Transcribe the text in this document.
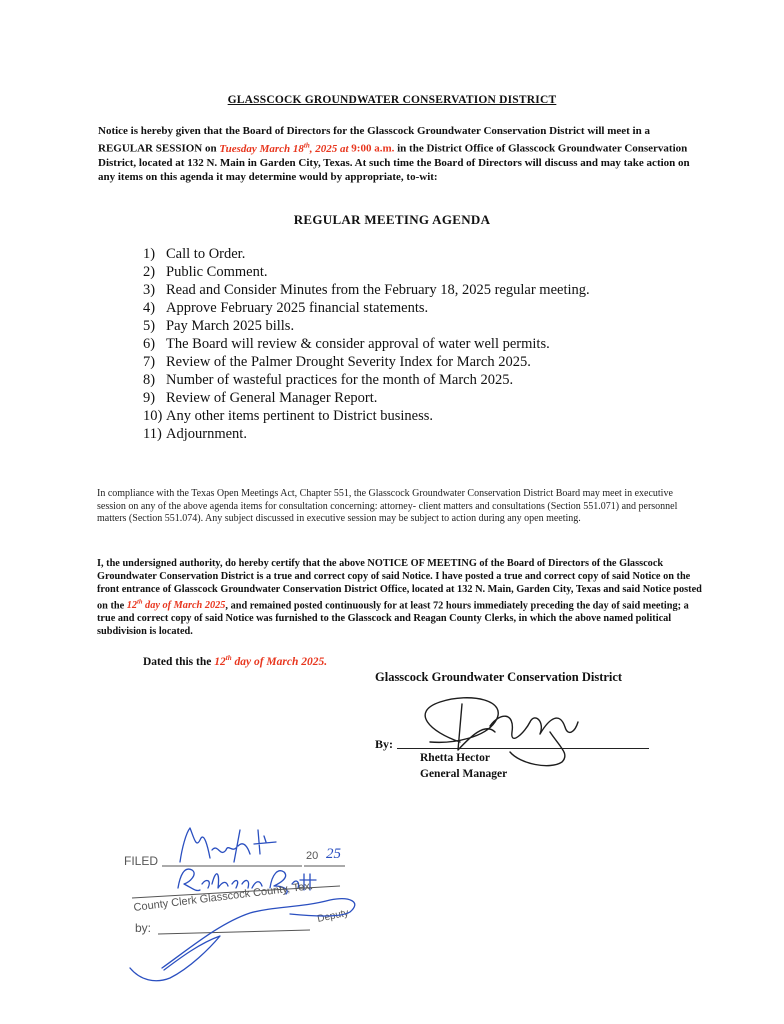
GLASSCOCK GROUNDWATER CONSERVATION DISTRICT
Notice is hereby given that the Board of Directors for the Glasscock Groundwater Conservation District will meet in a REGULAR SESSION on Tuesday March 18th, 2025 at 9:00 a.m. in the District Office of Glasscock Groundwater Conservation District, located at 132 N. Main in Garden City, Texas. At such time the Board of Directors will discuss and may take action on any items on this agenda it may determine would by appropriate, to-wit:
REGULAR MEETING AGENDA
1) Call to Order.
2) Public Comment.
3) Read and Consider Minutes from the February 18, 2025 regular meeting.
4) Approve February 2025 financial statements.
5) Pay March 2025 bills.
6) The Board will review & consider approval of water well permits.
7) Review of the Palmer Drought Severity Index for March 2025.
8) Number of wasteful practices for the month of March 2025.
9) Review of General Manager Report.
10) Any other items pertinent to District business.
11) Adjournment.
In compliance with the Texas Open Meetings Act, Chapter 551, the Glasscock Groundwater Conservation District Board may meet in executive session on any of the above agenda items for consultation concerning: attorney- client matters and consultations (Section 551.071) and personnel matters (Section 551.074). Any subject discussed in executive session may be subject to action during any open meeting.
I, the undersigned authority, do hereby certify that the above NOTICE OF MEETING of the Board of Directors of the Glasscock Groundwater Conservation District is a true and correct copy of said Notice. I have posted a true and correct copy of said Notice on the front entrance of Glasscock Groundwater Conservation District Office, located at 132 N. Main, Garden City, Texas and said Notice posted on the 12th day of March 2025, and remained posted continuously for at least 72 hours immediately preceding the day of said meeting; a true and correct copy of said Notice was furnished to the Glasscock and Reagan County Clerks, in which the above named political subdivision is located.
Dated this the 12th day of March 2025.
Glasscock Groundwater Conservation District
By:
Rhetta Hector
General Manager
FILED	20 25
County Clerk Glasscock County, Tex.
by:
Deputy
